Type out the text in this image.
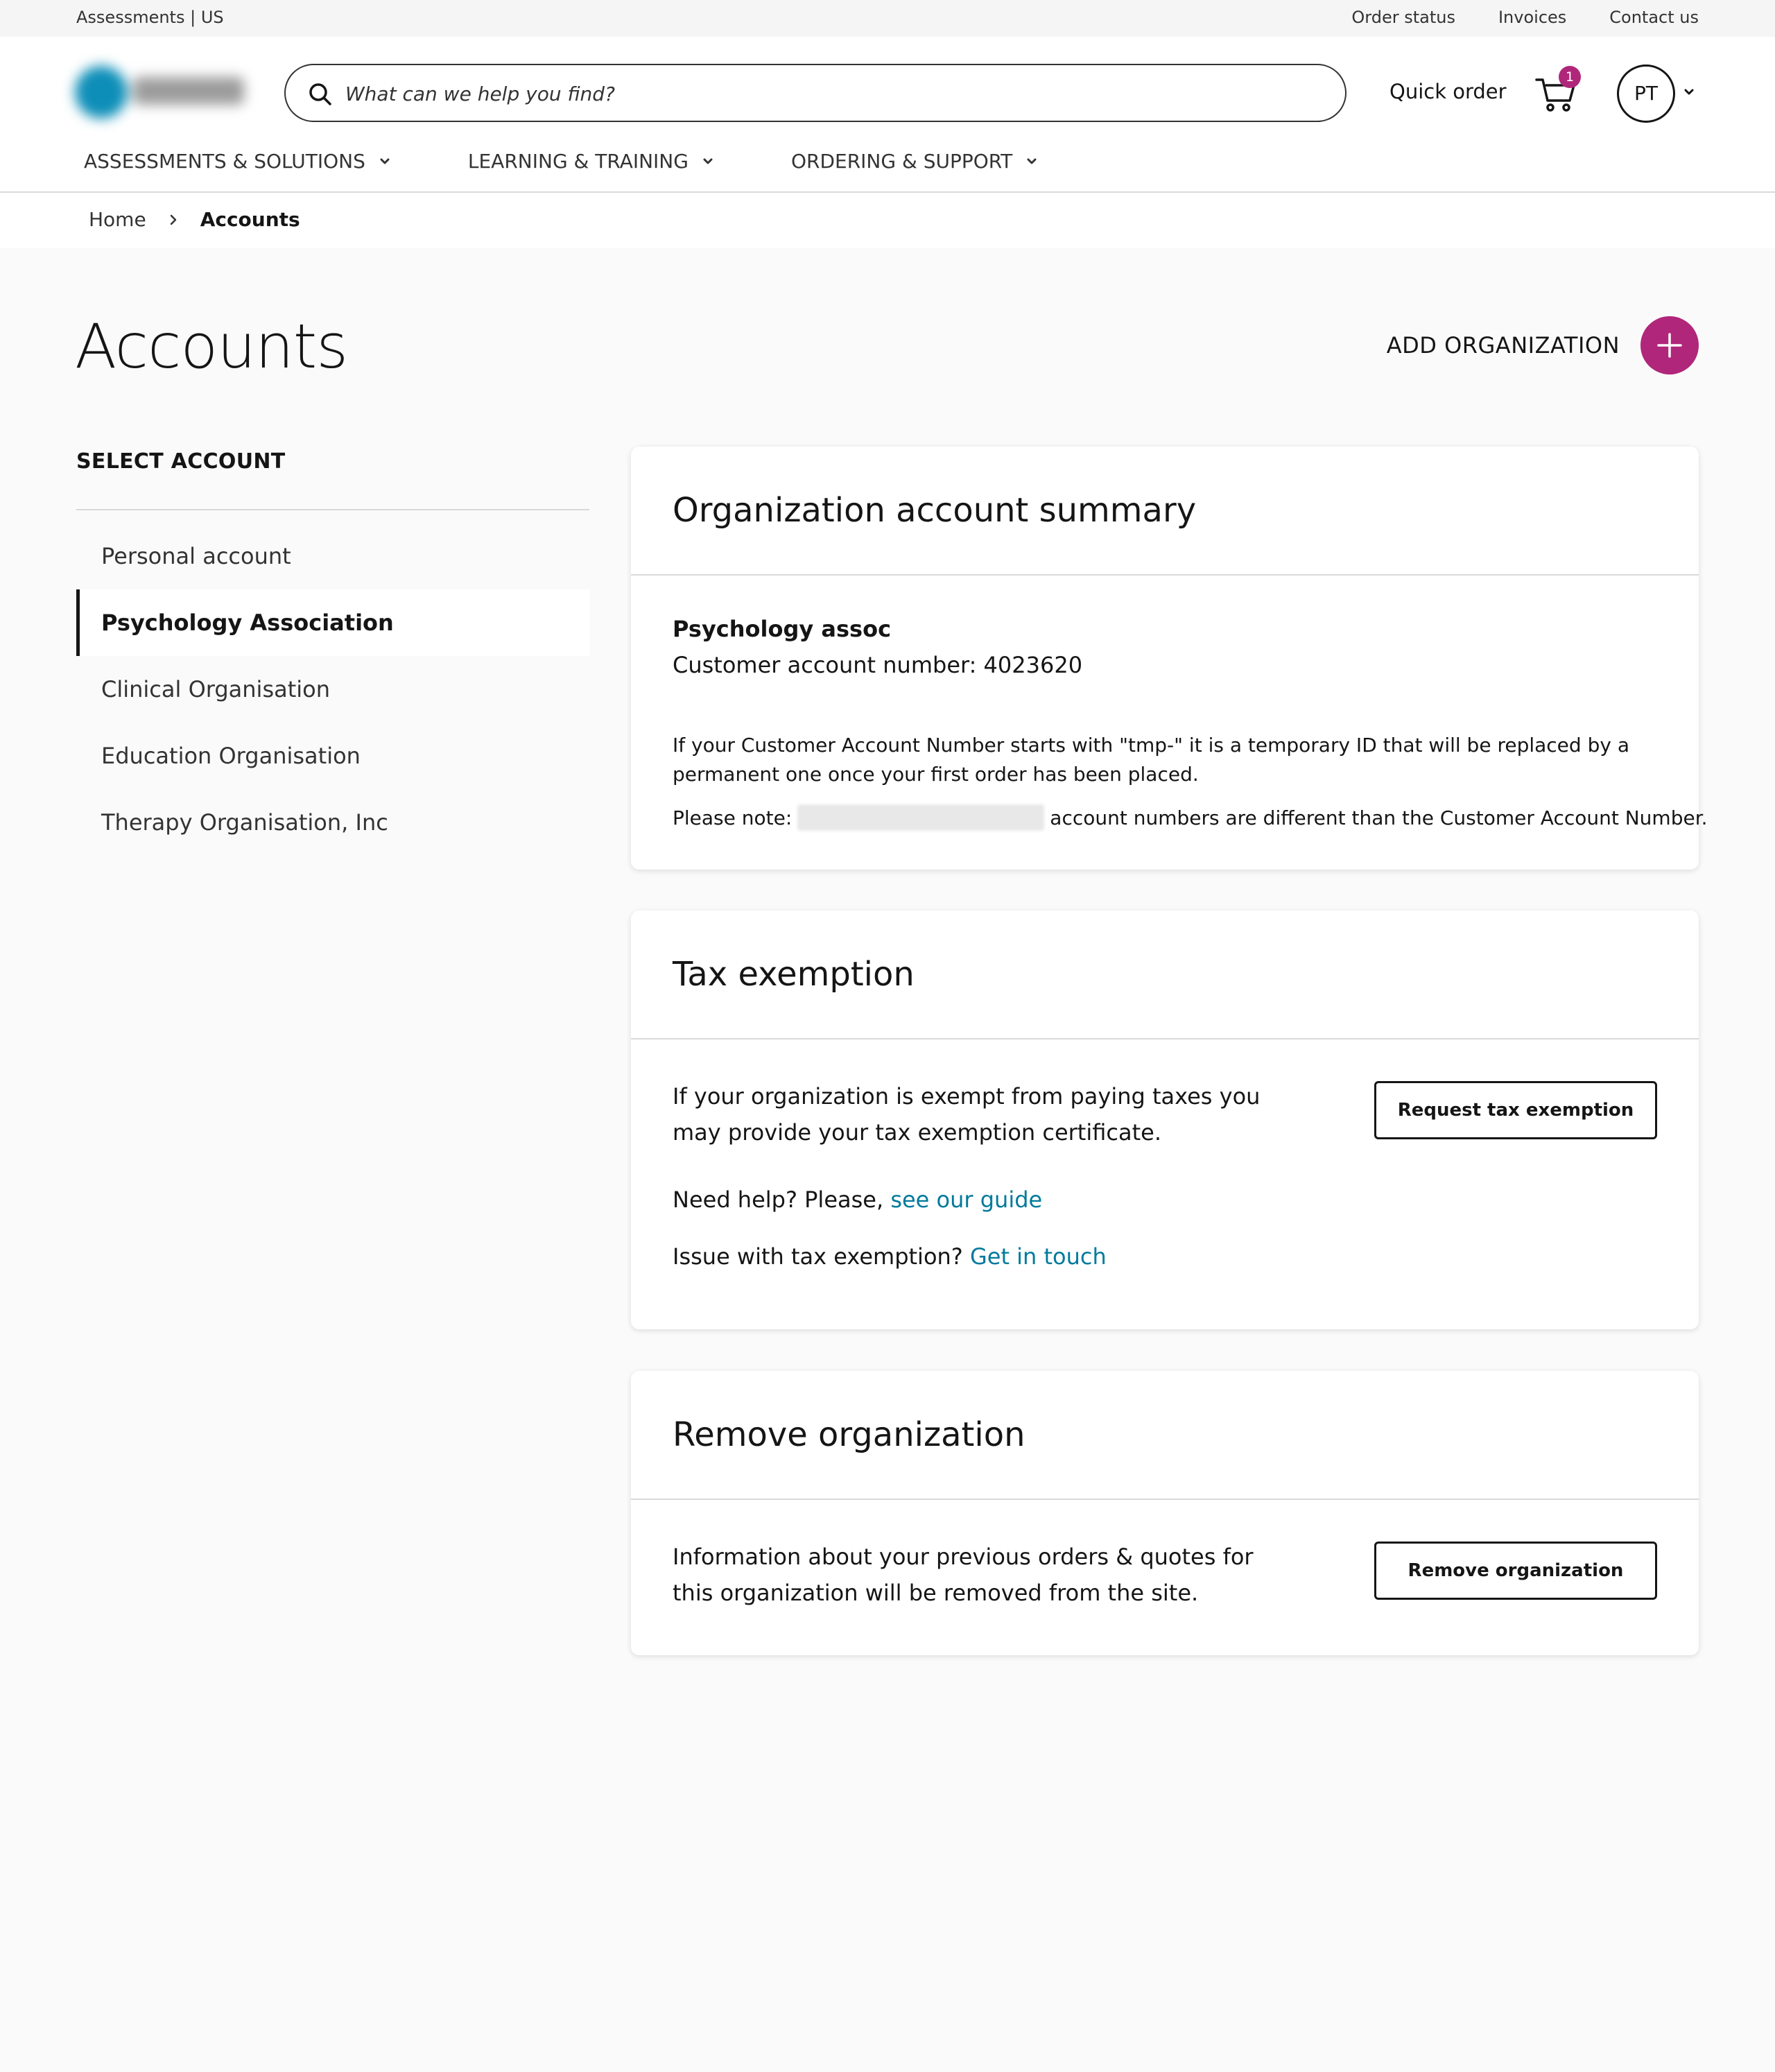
Assessments | US	Order status	Invoices	Contact us
What can we help you find?
Quick order
1
PT
ASSESSMENTS & SOLUTIONS	LEARNING & TRAINING	ORDERING & SUPPORT
Home	Accounts
Accounts	ADD ORGANIZATION
SELECT ACCOUNT
Personal account
Psychology Association
Clinical Organisation
Education Organisation
Therapy Organisation, Inc
Organization account summary
Psychology assoc
Customer account number: 4023620
If your Customer Account Number starts with "tmp-" it is a temporary ID that will be replaced by a permanent one once your first order has been placed.
Please note:	account numbers are different than the Customer Account Number.
Tax exemption
If your organization is exempt from paying taxes you may provide your tax exemption certificate.
Request tax exemption
Need help? Please, see our guide
Issue with tax exemption? Get in touch
Remove organization
Information about your previous orders & quotes for this organization will be removed from the site.
Remove organization
